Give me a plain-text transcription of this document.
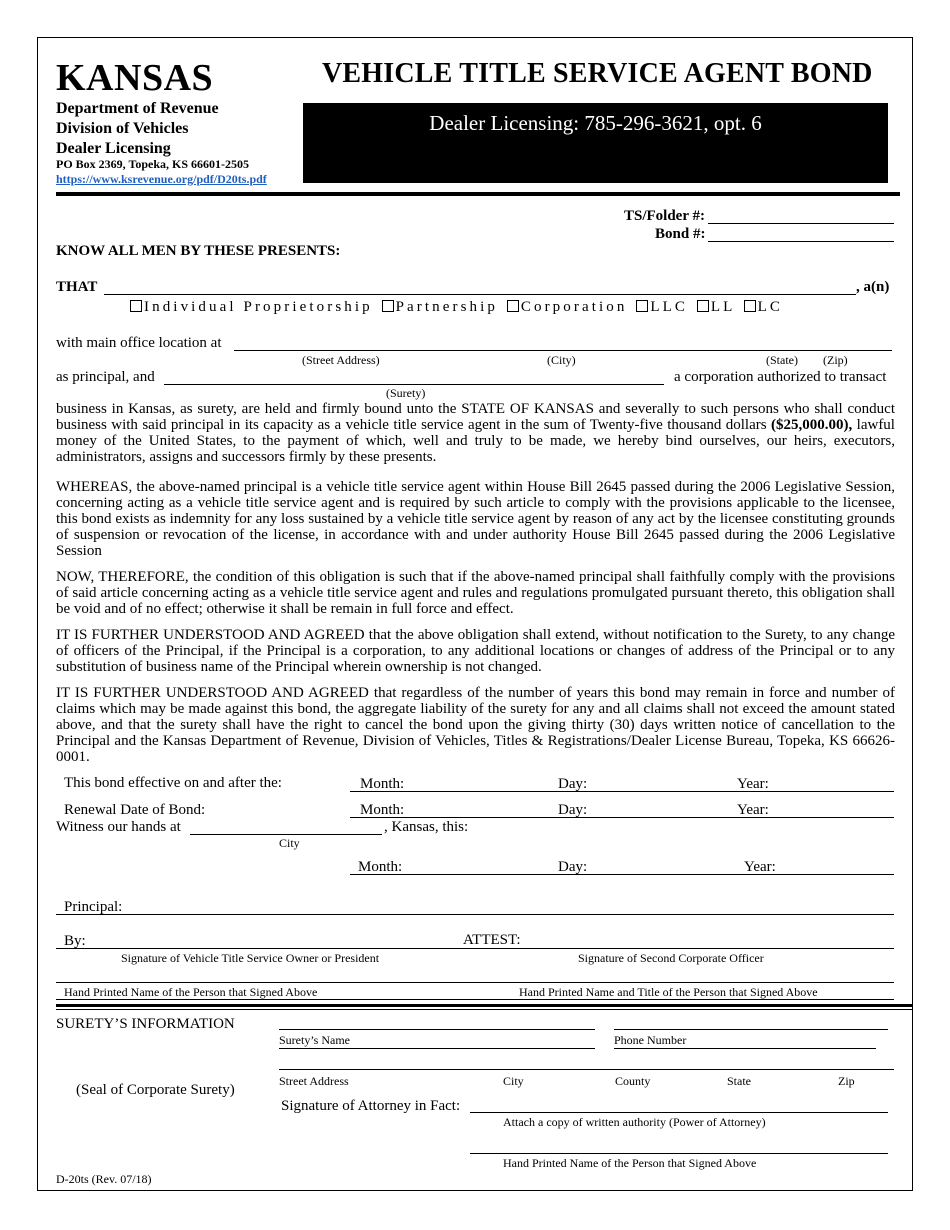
KANSAS
Department of Revenue
Division of Vehicles
Dealer Licensing
PO Box 2369, Topeka, KS 66601-2505
https://www.ksrevenue.org/pdf/D20ts.pdf
VEHICLE TITLE SERVICE AGENT BOND
Dealer Licensing: 785-296-3621, opt. 6
TS/Folder #:
Bond #:
KNOW ALL MEN BY THESE PRESENTS:
THAT	, a(n)
Individual Proprietorship Partnership Corporation LLC LL LC
with main office location at
(Street Address)	(City)	(State) (Zip)
as principal, and	a corporation authorized to transact
(Surety)
business in Kansas, as surety, are held and firmly bound unto the STATE OF KANSAS and severally to such persons who shall conduct business with said principal in its capacity as a vehicle title service agent in the sum of Twenty-five thousand dollars ($25,000.00), lawful money of the United States, to the payment of which, well and truly to be made, we hereby bind ourselves, our heirs, executors, administrators, assigns and successors firmly by these presents.
WHEREAS, the above-named principal is a vehicle title service agent within House Bill 2645 passed during the 2006 Legislative Session, concerning acting as a vehicle title service agent and is required by such article to comply with the provisions applicable to the licensee, this bond exists as indemnity for any loss sustained by a vehicle title service agent by reason of any act by the licensee constituting grounds of suspension or revocation of the license, in accordance with and under authority House Bill 2645 passed during the 2006 Legislative Session
NOW, THEREFORE, the condition of this obligation is such that if the above-named principal shall faithfully comply with the provisions of said article concerning acting as a vehicle title service agent and rules and regulations promulgated pursuant thereto, this obligation shall be void and of no effect; otherwise it shall be remain in full force and effect.
IT IS FURTHER UNDERSTOOD AND AGREED that the above obligation shall extend, without notification to the Surety, to any change of officers of the Principal, if the Principal is a corporation, to any additional locations or changes of address of the Principal or to any substitution of business name of the Principal wherein ownership is not changed.
IT IS FURTHER UNDERSTOOD AND AGREED that regardless of the number of years this bond may remain in force and number of claims which may be made against this bond, the aggregate liability of the surety for any and all claims shall not exceed the amount stated above, and that the surety shall have the right to cancel the bond upon the giving thirty (30) days written notice of cancellation to the Principal and the Kansas Department of Revenue, Division of Vehicles, Titles & Registrations/Dealer License Bureau, Topeka, KS 66626-0001.
This bond effective on and after the:	Month:	Day:	Year:
Renewal Date of Bond:	Month:	Day:	Year:
Witness our hands at	, Kansas, this:
City
Month:	Day:	Year:
Principal:
By:	ATTEST:
Signature of Vehicle Title Service Owner or President	Signature of Second Corporate Officer
Hand Printed Name of the Person that Signed Above	Hand Printed Name and Title of the Person that Signed Above
SURETY’S INFORMATION
Surety’s Name	Phone Number
Street Address	City	County	State	Zip
(Seal of Corporate Surety)
Signature of Attorney in Fact:
Attach a copy of written authority (Power of Attorney)
Hand Printed Name of the Person that Signed Above
D-20ts (Rev. 07/18)
